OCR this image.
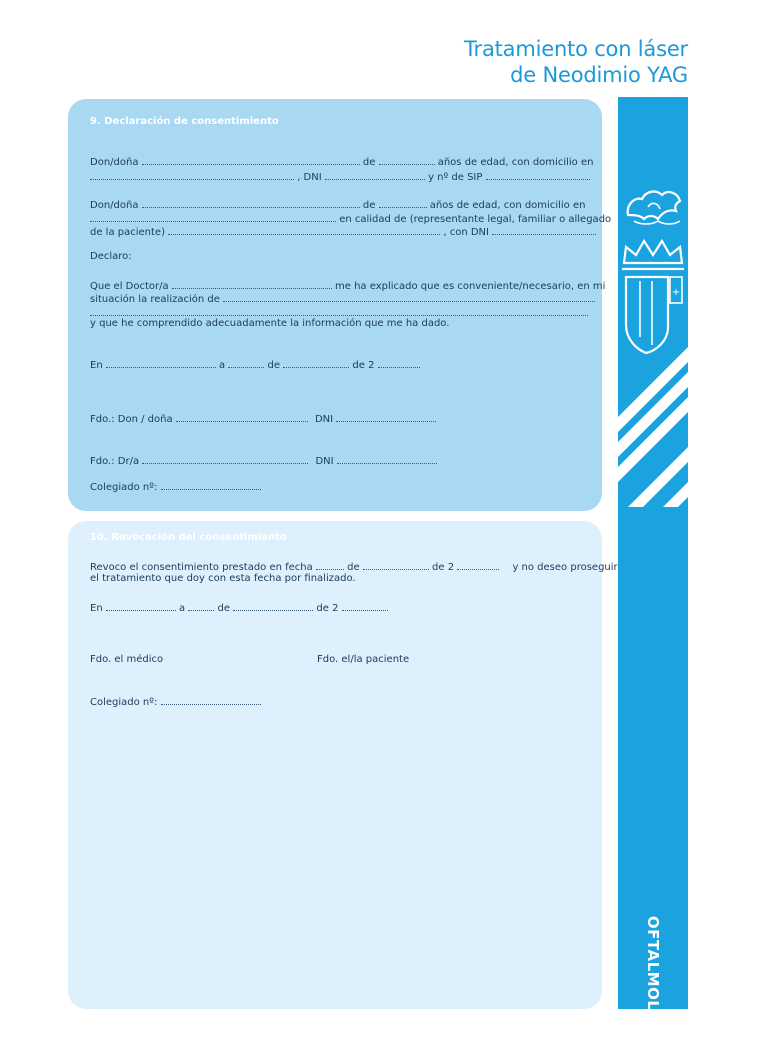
Tratamiento con láser
de Neodimio YAG
+
OFTALMOLOGÍA
9. Declaración de consentimiento
Don/doña	de	años de edad, con domicilio en
, DNI	y nº de SIP
Don/doña	de	años de edad, con domicilio en
en calidad de (representante legal, familiar o allegado
de la paciente)	, con DNI
Declaro:
Que el Doctor/a	me ha explicado que es conveniente/necesario, en mi
situación la realización de
y que he comprendido adecuadamente la información que me ha dado.
En	a	de	de 2
Fdo.: Don / doña	DNI
Fdo.: Dr/a	DNI
Colegiado nº:
10. Revocación del consentimiento
Revoco el consentimiento prestado en fecha	de	de 2	y no deseo proseguir
el tratamiento que doy con esta fecha por finalizado.
En	a	de	de 2
Fdo. el médico	Fdo. el/la paciente
Colegiado nº:
